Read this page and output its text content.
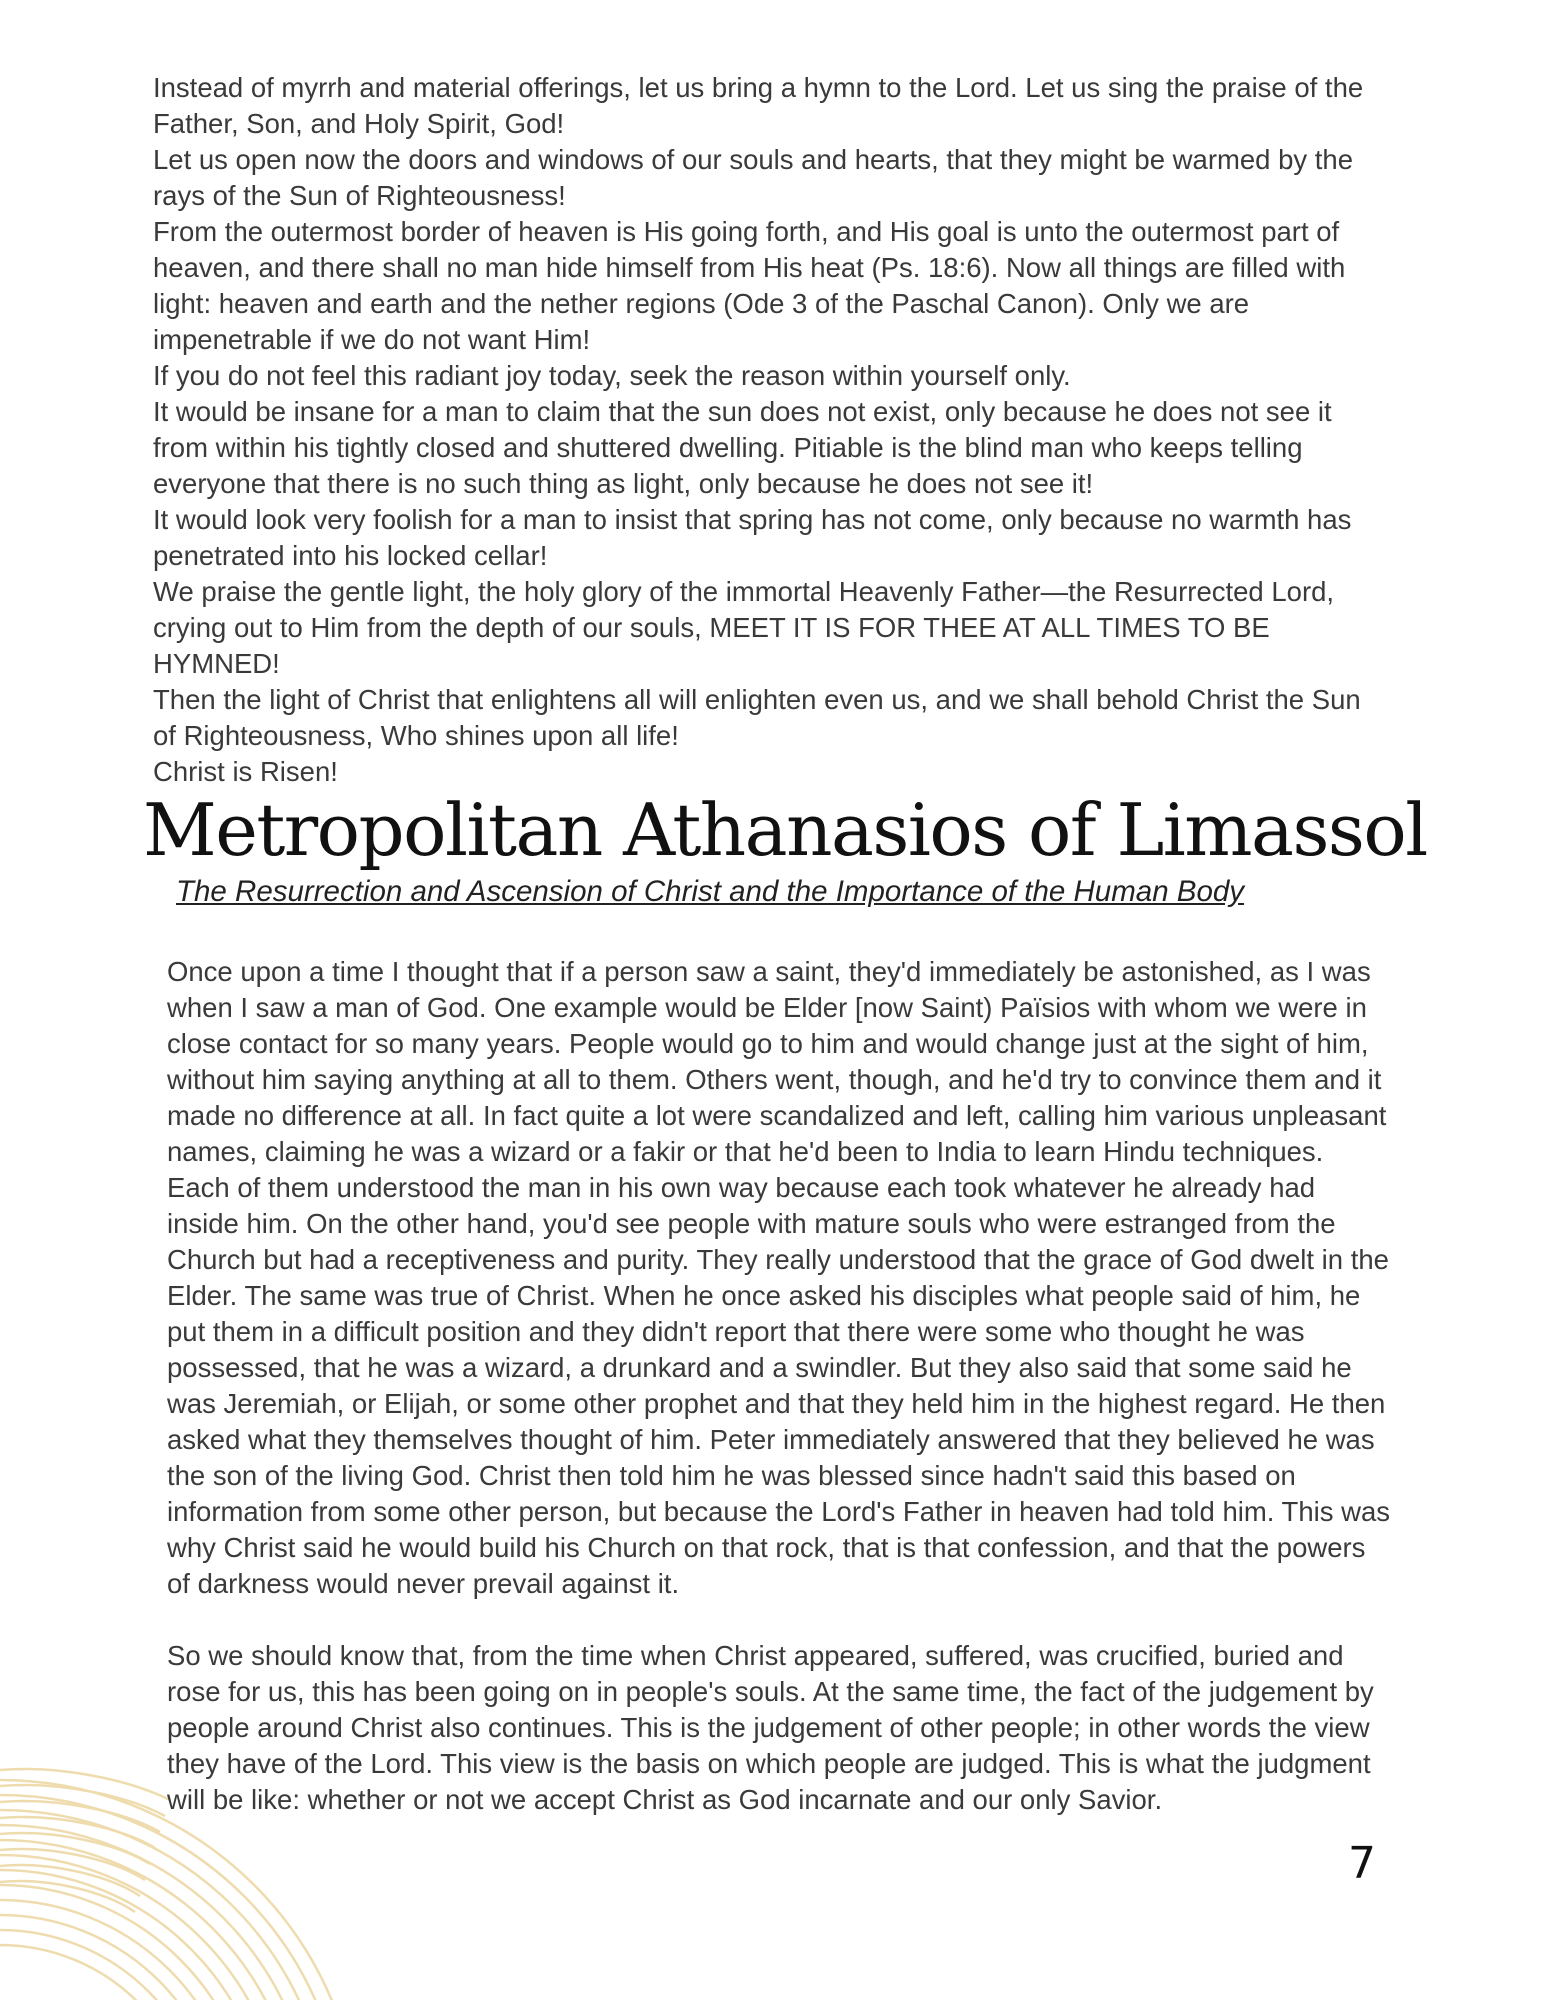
Instead of myrrh and material offerings, let us bring a hymn to the Lord. Let us sing the praise of the Father, Son, and Holy Spirit, God!

Let us open now the doors and windows of our souls and hearts, that they might be warmed by the rays of the Sun of Righteousness!

From the outermost border of heaven is His going forth, and His goal is unto the outermost part of heaven, and there shall no man hide himself from His heat (Ps. 18:6). Now all things are filled with light: heaven and earth and the nether regions (Ode 3 of the Paschal Canon). Only we are impenetrable if we do not want Him!

If you do not feel this radiant joy today, seek the reason within yourself only.

It would be insane for a man to claim that the sun does not exist, only because he does not see it from within his tightly closed and shuttered dwelling. Pitiable is the blind man who keeps telling everyone that there is no such thing as light, only because he does not see it!

It would look very foolish for a man to insist that spring has not come, only because no warmth has penetrated into his locked cellar!

We praise the gentle light, the holy glory of the immortal Heavenly Father—the Resurrected Lord, crying out to Him from the depth of our souls, MEET IT IS FOR THEE AT ALL TIMES TO BE HYMNED!

Then the light of Christ that enlightens all will enlighten even us, and we shall behold Christ the Sun of Righteousness, Who shines upon all life!

Christ is Risen!

Metropolitan Athanasios of Limassol

The Resurrection and Ascension of Christ and the Importance of the Human Body

Once upon a time I thought that if a person saw a saint, they'd immediately be astonished, as I was when I saw a man of God. One example would be Elder [now Saint) Païsios with whom we were in close contact for so many years. People would go to him and would change just at the sight of him, without him saying anything at all to them. Others went, though, and he'd try to convince them and it made no difference at all. In fact quite a lot were scandalized and left, calling him various unpleasant names, claiming he was a wizard or a fakir or that he'd been to India to learn Hindu techniques. Each of them understood the man in his own way because each took whatever he already had inside him. On the other hand, you'd see people with mature souls who were estranged from the Church but had a receptiveness and purity. They really understood that the grace of God dwelt in the Elder. The same was true of Christ. When he once asked his disciples what people said of him, he put them in a difficult position and they didn't report that there were some who thought he was possessed, that he was a wizard, a drunkard and a swindler. But they also said that some said he was Jeremiah, or Elijah, or some other prophet and that they held him in the highest regard. He then asked what they themselves thought of him. Peter immediately answered that they believed he was the son of the living God. Christ then told him he was blessed since hadn't said this based on information from some other person, but because the Lord's Father in heaven had told him. This was why Christ said he would build his Church on that rock, that is that confession, and that the powers of darkness would never prevail against it.

So we should know that, from the time when Christ appeared, suffered, was crucified, buried and rose for us, this has been going on in people's souls. At the same time, the fact of the judgement by people around Christ also continues. This is the judgement of other people; in other words the view they have of the Lord. This view is the basis on which people are judged. This is what the judgment will be like: whether or not we accept Christ as God incarnate and our only Savior.

7
